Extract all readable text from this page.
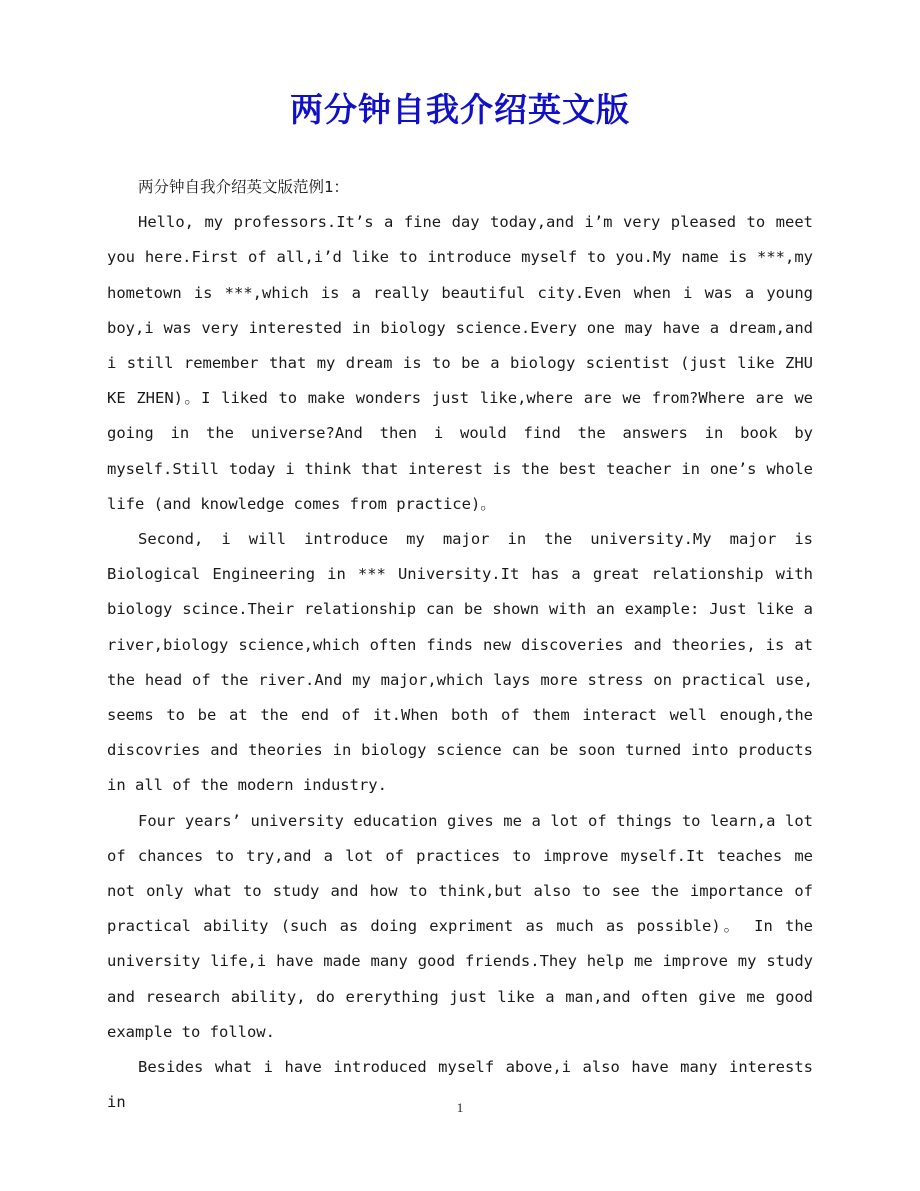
两分钟自我介绍英文版

两分钟自我介绍英文版范例1：

Hello, my professors.It’s a fine day today,and i’m very pleased to meet you here.First of all,i’d like to introduce myself to you.My name is ***,my hometown is ***,which is a really beautiful city.Even when i was a young boy,i was very interested in biology science.Every one may have a dream,and i still remember that my dream is to be a biology scientist (just like ZHU KE ZHEN)。I liked to make wonders just like,where are we from?Where are we going in the universe?And then i would find the answers in book by myself.Still today i think that interest is the best teacher in one’s whole life (and knowledge comes from practice)。

Second, i will introduce my major in the university.My major is Biological Engineering in *** University.It has a great relationship with biology scince.Their relationship can be shown with an example: Just like a river,biology science,which often finds new discoveries and theories, is at the head of the river.And my major,which lays more stress on practical use, seems to be at the end of it.When both of them interact well enough,the discovries and theories in biology science can be soon turned into products in all of the modern industry.

Four years’ university education gives me a lot of things to learn,a lot of chances to try,and a lot of practices to improve myself.It teaches me not only what to study and how to think,but also to see the importance of practical ability (such as doing expriment as much as possible)。 In the university life,i have made many good friends.They help me improve my study and research ability, do ererything just like a man,and often give me good example to follow.

Besides what i have introduced myself above,i also have many interests in	1
